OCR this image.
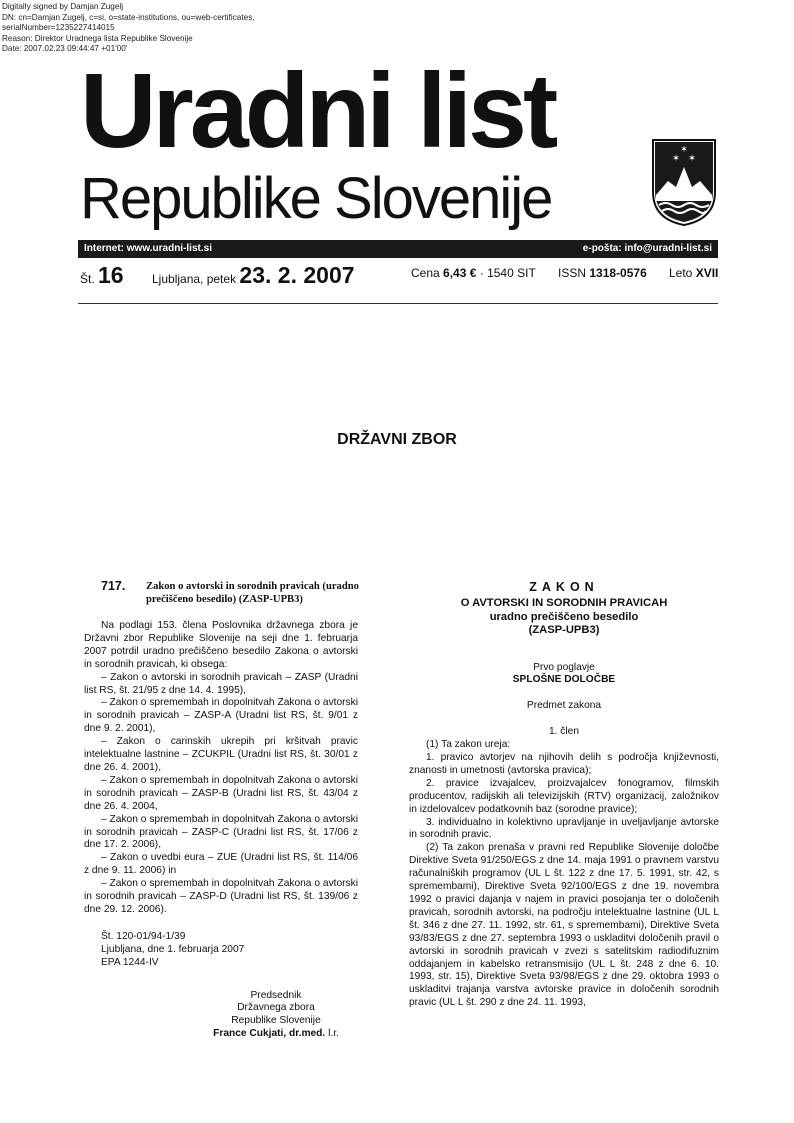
Digitally signed by Damjan Zugelj
DN: cn=Damjan Zugelj, c=si, o=state-institutions, ou=web-certificates,
serialNumber=1235227414015
Reason: Direktor Uradnega lista Republike Slovenije
Date: 2007.02.23 09:44:47 +01'00'
Uradni list
Republike Slovenije
✶
✶ ✶
Internet: www.uradni-list.si	e-pošta: info@uradni-list.si
Št. 16 Ljubljana, petek 23. 2. 2007	Cena 6,43 € · 1540 SIT ISSN 1318-0576 Leto XVII
DRŽAVNI ZBOR
717. Zakon o avtorski in sorodnih pravicah (uradno
prečiščeno besedilo) (ZASP-UPB3)

Na podlagi 153. člena Poslovnika državnega zbora je Državni zbor Republike Slovenije na seji dne 1. februarja 2007 potrdil uradno prečiščeno besedilo Zakona o avtorski in sorodnih pravicah, ki obsega:

– Zakon o avtorski in sorodnih pravicah – ZASP (Uradni list RS, št. 21/95 z dne 14. 4. 1995),

– Zakon o spremembah in dopolnitvah Zakona o avtorski in sorodnih pravicah – ZASP-A (Uradni list RS, št. 9/01 z dne 9. 2. 2001),

– Zakon o carinskih ukrepih pri kršitvah pravic intelektualne lastnine – ZCUKPIL (Uradni list RS, št. 30/01 z dne 26. 4. 2001),

– Zakon o spremembah in dopolnitvah Zakona o avtorski in sorodnih pravicah – ZASP-B (Uradni list RS, št. 43/04 z dne 26. 4. 2004,

– Zakon o spremembah in dopolnitvah Zakona o avtorski in sorodnih pravicah – ZASP-C (Uradni list RS, št. 17/06 z dne 17. 2. 2006),

– Zakon o uvedbi eura – ZUE (Uradni list RS, št. 114/06 z dne 9. 11. 2006) in

– Zakon o spremembah in dopolnitvah Zakona o avtorski in sorodnih pravicah – ZASP-D (Uradni list RS, št. 139/06 z dne 29. 12. 2006).

Št. 120-01/94-1/39

Ljubljana, dne 1. februarja 2007

EPA 1244-IV

Predsednik

Državnega zbora

Republike Slovenije

France Cukjati, dr.med. l.r.

ZAKON

O AVTORSKI IN SORODNIH PRAVICAH

uradno prečiščeno besedilo

(ZASP-UPB3)

Prvo poglavje

SPLOŠNE DOLOČBE

Predmet zakona

1. člen

(1) Ta zakon ureja:

1. pravico avtorjev na njihovih delih s področja književnosti, znanosti in umetnosti (avtorska pravica);

2. pravice izvajalcev, proizvajalcev fonogramov, filmskih producentov, radijskih ali televizijskih (RTV) organizacij, založnikov in izdelovalcev podatkovnih baz (sorodne pravice);

3. individualno in kolektivno upravljanje in uveljavljanje avtorske in sorodnih pravic.

(2) Ta zakon prenaša v pravni red Republike Slovenije določbe Direktive Sveta 91/250/EGS z dne 14. maja 1991 o pravnem varstvu računalniških programov (UL L št. 122 z dne 17. 5. 1991, str. 42, s spremembami), Direktive Sveta 92/100/EGS z dne 19. novembra 1992 o pravici dajanja v najem in pravici posojanja ter o določenih pravicah, sorodnih avtorski, na področju intelektualne lastnine (UL L št. 346 z dne 27. 11. 1992, str. 61, s spremembami), Direktive Sveta 93/83/EGS z dne 27. septembra 1993 o uskladitvi določenih pravil o avtorski in sorodnih pravicah v zvezi s satelitskim radiodifuznim oddajanjem in kabelsko retransmisijo (UL L št. 248 z dne 6. 10. 1993, str. 15), Direktive Sveta 93/98/EGS z dne 29. oktobra 1993 o uskladitvi trajanja varstva avtorske pravice in določenih sorodnih pravic (UL L št. 290 z dne 24. 11. 1993,
